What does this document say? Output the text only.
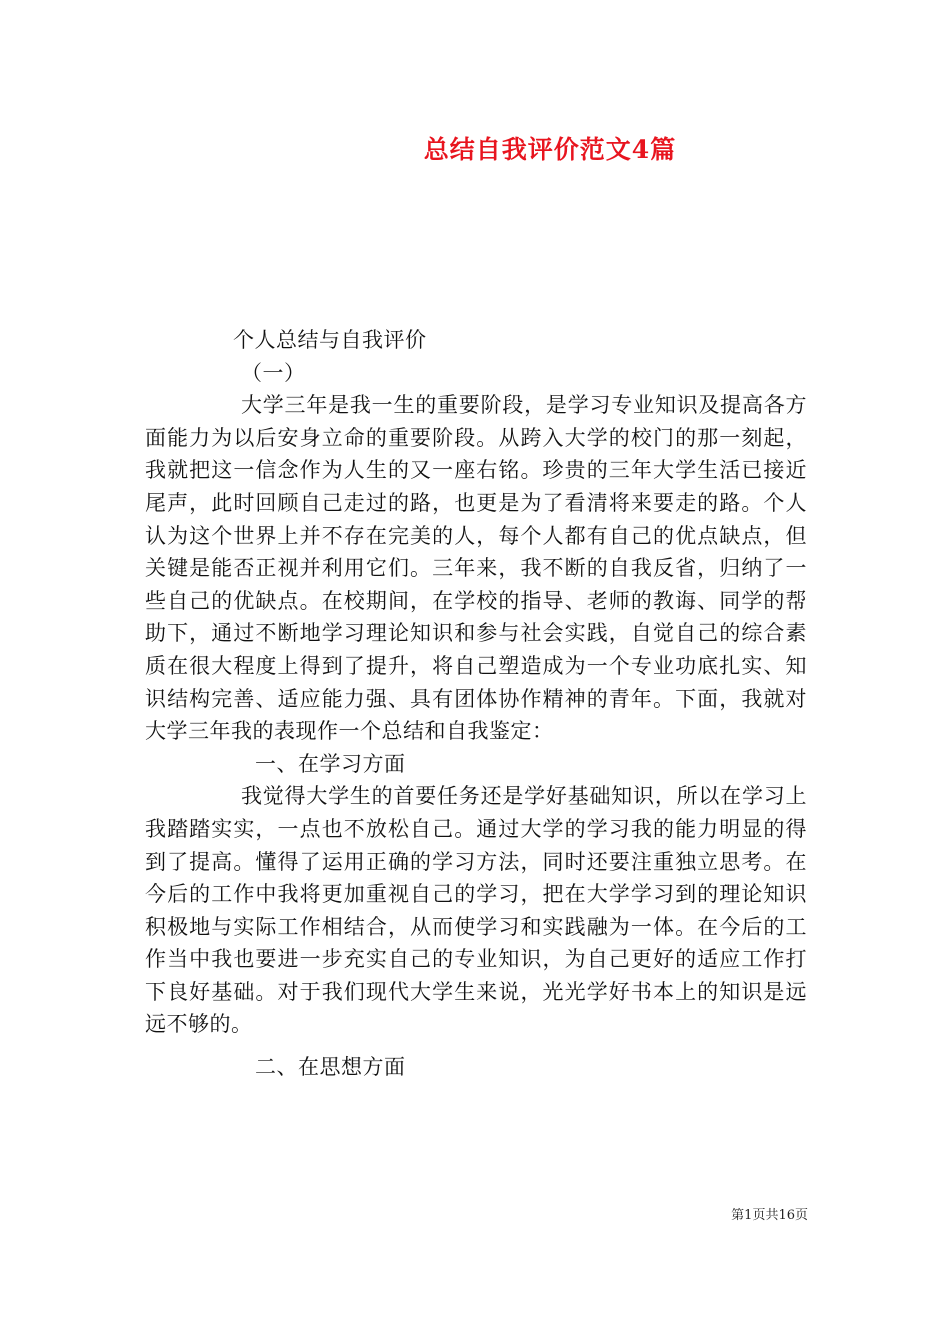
总结自我评价范文4篇

个人总结与自我评价

（一）

大学三年是我一生的重要阶段，是学习专业知识及提高各方面能力为以后安身立命的重要阶段。从跨入大学的校门的那一刻起，我就把这一信念作为人生的又一座右铭。珍贵的三年大学生活已接近尾声，此时回顾自己走过的路，也更是为了看清将来要走的路。个人认为这个世界上并不存在完美的人，每个人都有自己的优点缺点，但关键是能否正视并利用它们。三年来，我不断的自我反省，归纳了一些自己的优缺点。在校期间，在学校的指导、老师的教诲、同学的帮助下，通过不断地学习理论知识和参与社会实践，自觉自己的综合素质在很大程度上得到了提升，将自己塑造成为一个专业功底扎实、知识结构完善、适应能力强、具有团体协作精神的青年。下面，我就对大学三年我的表现作一个总结和自我鉴定：

一、在学习方面

我觉得大学生的首要任务还是学好基础知识，所以在学习上我踏踏实实，一点也不放松自己。通过大学的学习我的能力明显的得到了提高。懂得了运用正确的学习方法，同时还要注重独立思考。在今后的工作中我将更加重视自己的学习，把在大学学习到的理论知识积极地与实际工作相结合，从而使学习和实践融为一体。在今后的工作当中我也要进一步充实自己的专业知识，为自己更好的适应工作打下良好基础。对于我们现代大学生来说，光光学好书本上的知识是远远不够的。

二、在思想方面

第1页共16页
